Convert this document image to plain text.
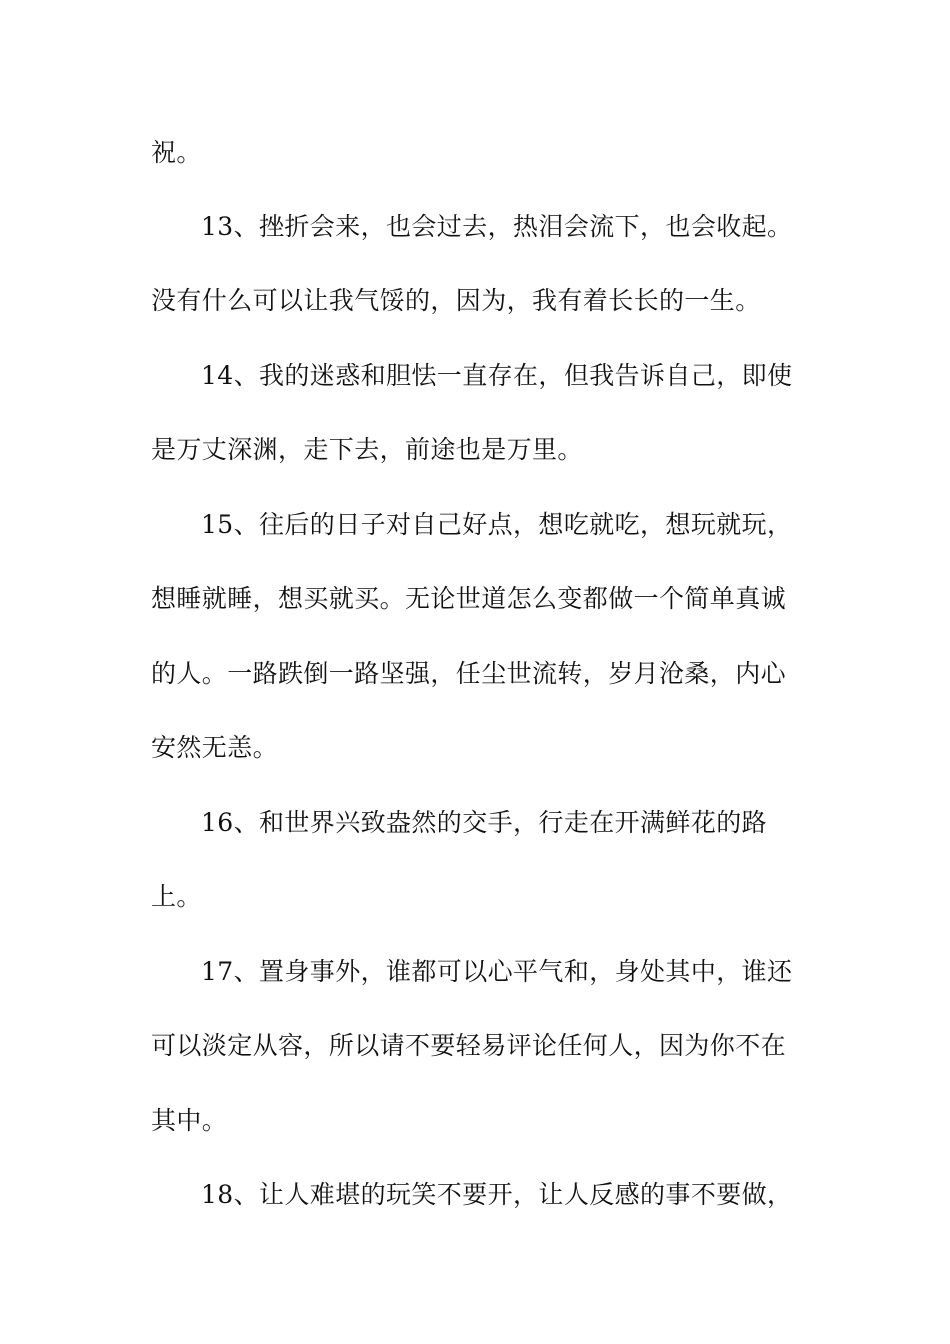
祝。
13、挫折会来，也会过去，热泪会流下，也会收起。
没有什么可以让我气馁的，因为，我有着长长的一生。
14、我的迷惑和胆怯一直存在，但我告诉自己，即使
是万丈深渊，走下去，前途也是万里。
15、往后的日子对自己好点，想吃就吃，想玩就玩，
想睡就睡，想买就买。无论世道怎么变都做一个简单真诚
的人。一路跌倒一路坚强，任尘世流转，岁月沧桑，内心
安然无恙。
16、和世界兴致盎然的交手，行走在开满鲜花的路
上。
17、置身事外，谁都可以心平气和，身处其中，谁还
可以淡定从容，所以请不要轻易评论任何人，因为你不在
其中。
18、让人难堪的玩笑不要开，让人反感的事不要做，
